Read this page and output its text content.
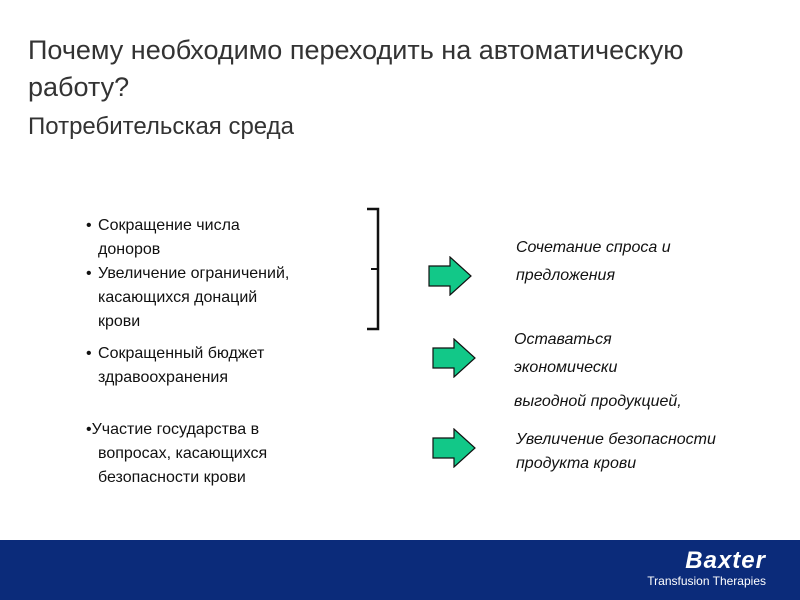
Почему необходимо переходить на автоматическую работу?
Потребительская среда
• Сокращение числа
доноров
• Увеличение ограничений,
касающихся донаций
крови
• Сокращенный бюджет
здравоохранения
•Участие государства в
вопросах, касающихся
безопасности крови
Сочетание спроса и
предложения
Оставаться
экономически
выгодной продукцией,
Увеличение безопасности
продукта крови
Baxter
Transfusion Therapies
